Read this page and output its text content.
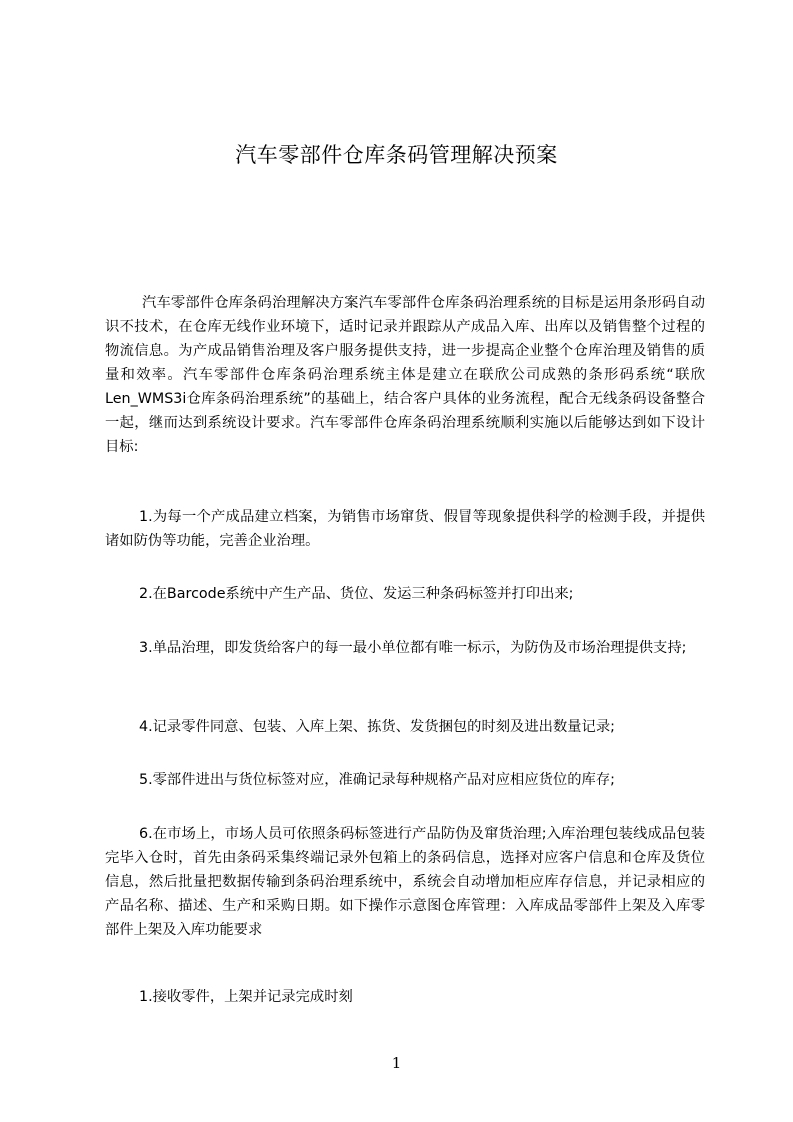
汽车零部件仓库条码管理解决预案

汽车零部件仓库条码治理解决方案汽车零部件仓库条码治理系统的目标是运用条形码自动识不技术，在仓库无线作业环境下，适时记录并跟踪从产成品入库、出库以及销售整个过程的物流信息。为产成品销售治理及客户服务提供支持，进一步提高企业整个仓库治理及销售的质量和效率。汽车零部件仓库条码治理系统主体是建立在联欣公司成熟的条形码系统“联欣Len_WMS3i仓库条码治理系统”的基础上，结合客户具体的业务流程，配合无线条码设备整合一起，继而达到系统设计要求。汽车零部件仓库条码治理系统顺利实施以后能够达到如下设计目标:

1.为每一个产成品建立档案，为销售市场窜货、假冒等现象提供科学的检测手段，并提供诸如防伪等功能，完善企业治理。

2.在Barcode系统中产生产品、货位、发运三种条码标签并打印出来;

3.单品治理，即发货给客户的每一最小单位都有唯一标示，为防伪及市场治理提供支持;

4.记录零件同意、包装、入库上架、拣货、发货捆包的时刻及进出数量记录;

5.零部件进出与货位标签对应，准确记录每种规格产品对应相应货位的库存;

6.在市场上，市场人员可依照条码标签进行产品防伪及窜货治理;入库治理包装线成品包装完毕入仓时，首先由条码采集终端记录外包箱上的条码信息，选择对应客户信息和仓库及货位信息，然后批量把数据传输到条码治理系统中，系统会自动增加柜应库存信息，并记录相应的产品名称、描述、生产和采购日期。如下操作示意图仓库管理：入库成品零部件上架及入库零部件上架及入库功能要求

1.接收零件，上架并记录完成时刻

1
